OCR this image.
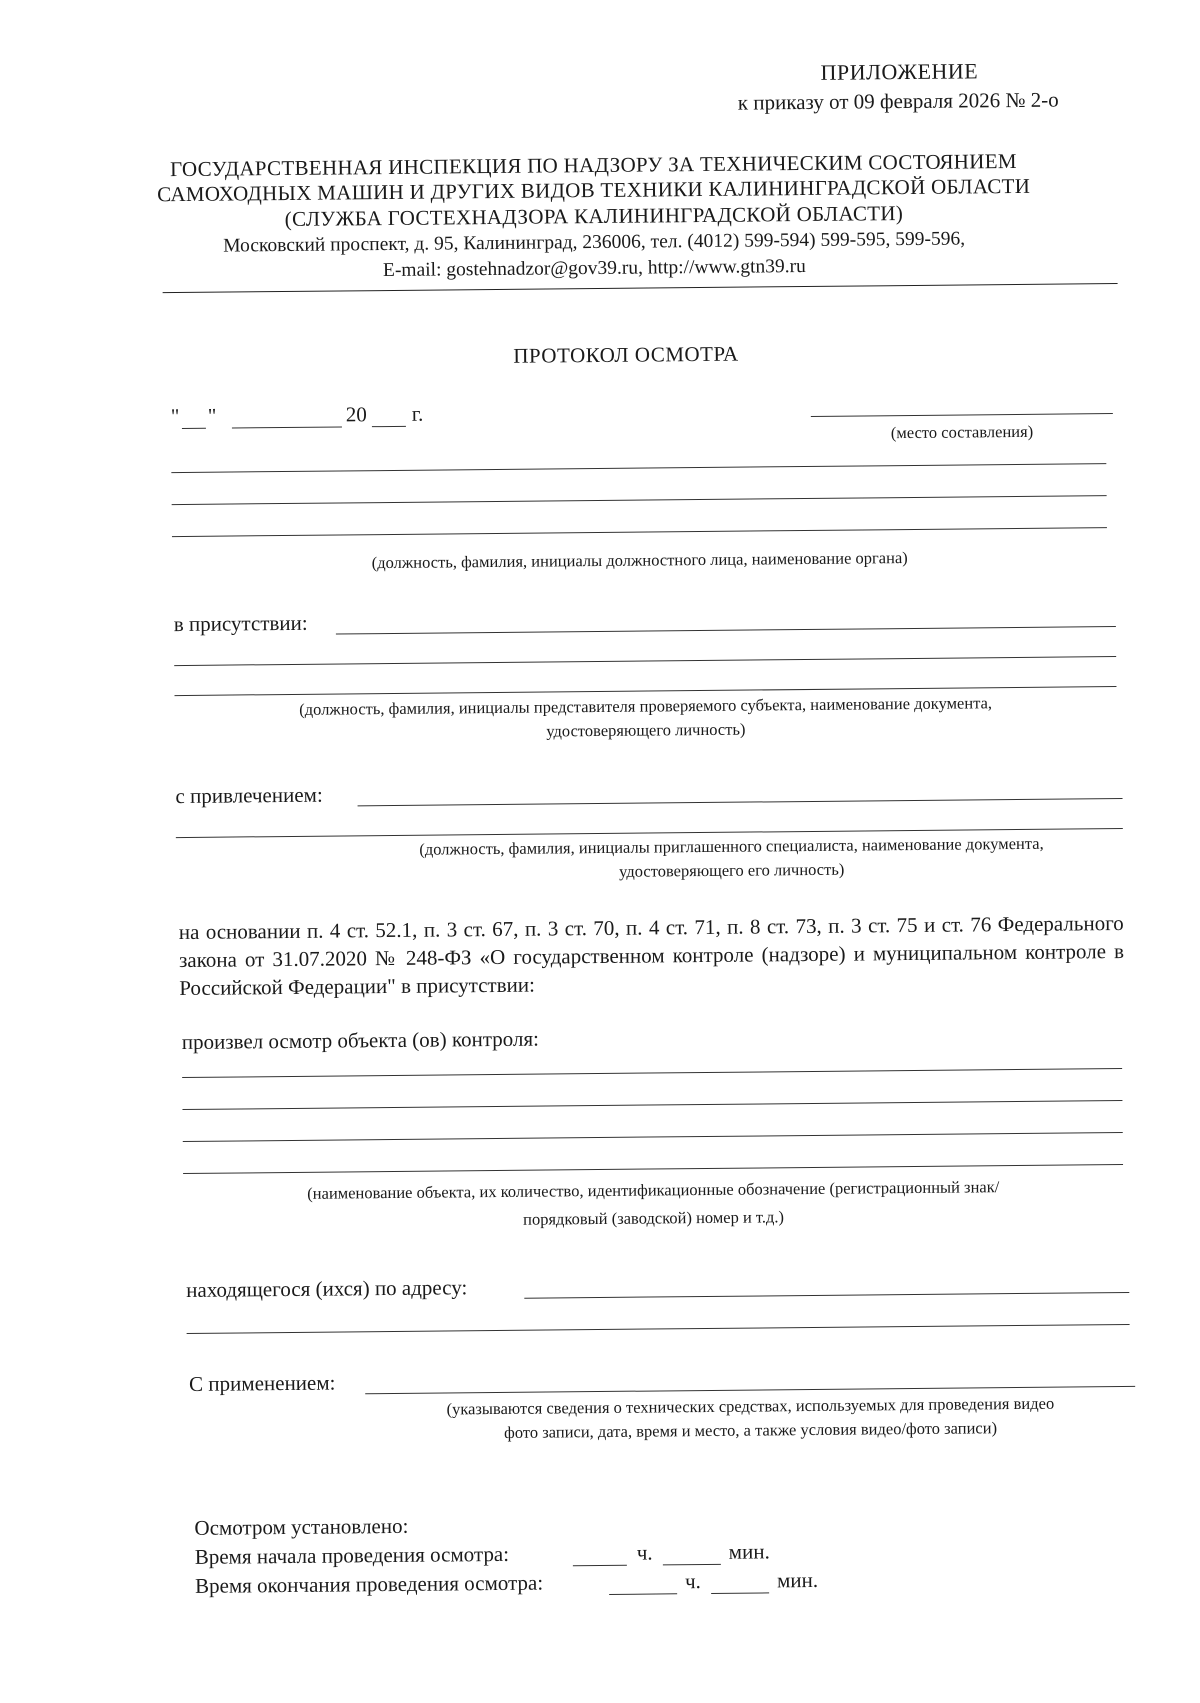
ПРИЛОЖЕНИЕ
к приказу от 09 февраля 2026 № 2-о
ГОСУДАРСТВЕННАЯ ИНСПЕКЦИЯ ПО НАДЗОРУ ЗА ТЕХНИЧЕСКИМ СОСТОЯНИЕМ
САМОХОДНЫХ МАШИН И ДРУГИХ ВИДОВ ТЕХНИКИ КАЛИНИНГРАДСКОЙ ОБЛАСТИ
(СЛУЖБА ГОСТЕХНАДЗОРА КАЛИНИНГРАДСКОЙ ОБЛАСТИ)
Московский проспект, д. 95, Калининград, 236006, тел. (4012) 599-594) 599-595, 599-596,
E-mail: gostehnadzor@gov39.ru, http://www.gtn39.ru
ПРОТОКОЛ ОСМОТРА
" "	20 г.
(место составления)
(должность, фамилия, инициалы должностного лица, наименование органа)
в присутствии:
(должность, фамилия, инициалы представителя проверяемого субъекта, наименование документа,
удостоверяющего личность)
с привлечением:
(должность, фамилия, инициалы приглашенного специалиста, наименование документа,
удостоверяющего его личность)
на основании п. 4 ст. 52.1, п. 3 ст. 67, п. 3 ст. 70, п. 4 ст. 71, п. 8 ст. 73, п. 3 ст. 75 и ст. 76 Федерального закона от 31.07.2020 № 248-ФЗ «О государственном контроле (надзоре) и муниципальном контроле в Российской Федерации" в присутствии:
произвел осмотр объекта (ов) контроля:
(наименование объекта, их количество, идентификационные обозначение (регистрационный знак/
порядковый (заводской) номер и т.д.)
находящегося (ихся) по адресу:
С применением:
(указываются сведения о технических средствах, используемых для проведения видео
фото записи, дата, время и место, а также условия видео/фото записи)
Осмотром установлено:
Время начала проведения осмотра:	ч.	мин.
Время окончания проведения осмотра:	ч.	мин.
